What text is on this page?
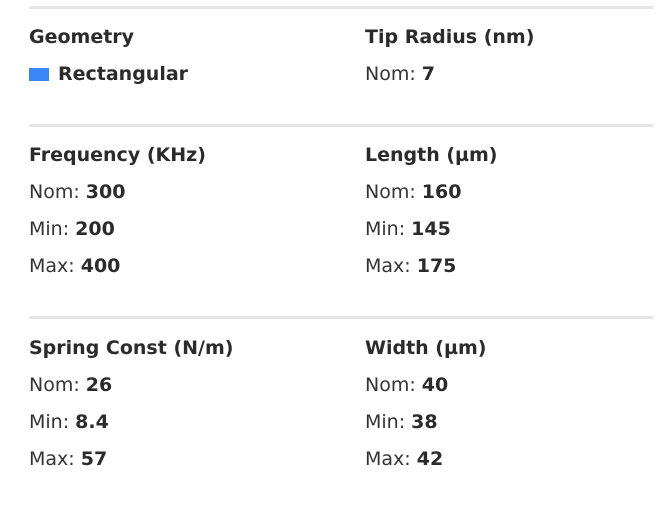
Geometry
Rectangular
Tip Radius (nm)
Nom: 7
Frequency (KHz)
Nom: 300
Min: 200
Max: 400
Length (µm)
Nom: 160
Min: 145
Max: 175
Spring Const (N/m)
Nom: 26
Min: 8.4
Max: 57
Width (µm)
Nom: 40
Min: 38
Max: 42
